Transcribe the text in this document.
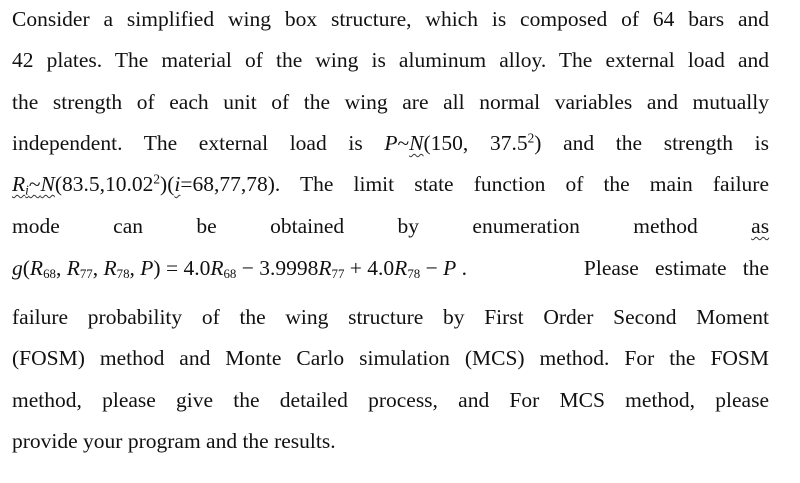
Consider a simplified wing box structure, which is composed of 64 bars and
42 plates. The material of the wing is aluminum alloy. The external load and
the strength of each unit of the wing are all normal variables and mutually
independent. The external load is P~N(150, 37.5$^2$) and the strength is
$R_i\sim N(83.5,10.02^2)(i=68,77,78)$. The limit state function of the main failure
mode can be obtained by enumeration method as
$g(R_{68}$, $R_{77}$, $R_{78}$, $P) = 4.0R_{68} - 3.9998R_{77} + 4.0R_{78} - P$ .	Please   estimate   the
failure probability of the wing structure by First Order Second Moment
(FOSM) method and Monte Carlo simulation (MCS) method. For the FOSM
method, please give the detailed process, and For MCS method, please
provide your program and the results.
